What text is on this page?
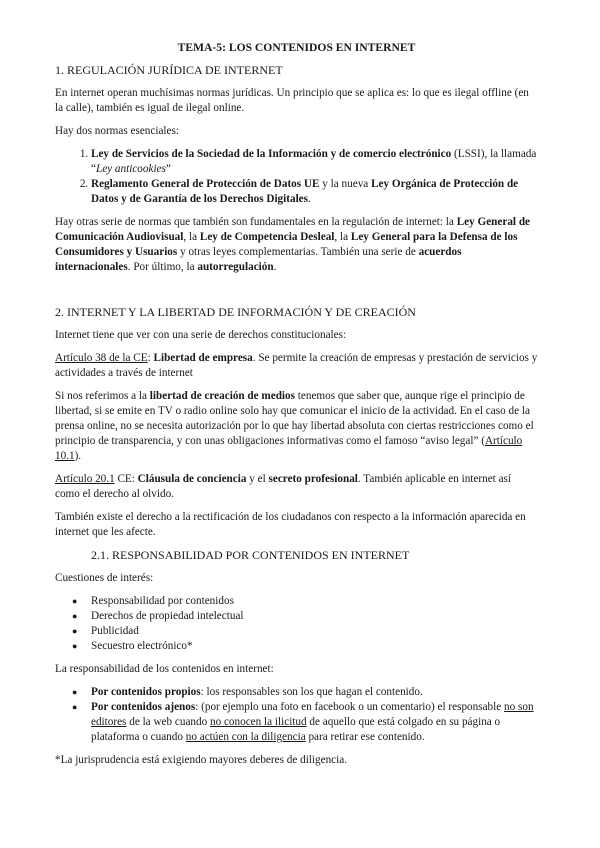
TEMA-5: LOS CONTENIDOS EN INTERNET
1. REGULACIÓN JURÍDICA DE INTERNET

En internet operan muchísimas normas jurídicas. Un principio que se aplica es: lo que es ilegal offline (en la calle), también es igual de ilegal online.

Hay dos normas esenciales:

1. Ley de Servicios de la Sociedad de la Información y de comercio electrónico (LSSI), la llamada “Ley anticookies”
2. Reglamento General de Protección de Datos UE y la nueva Ley Orgánica de Protección de Datos y de Garantía de los Derechos Digitales.

Hay otras serie de normas que también son fundamentales en la regulación de internet: la Ley General de Comunicación Audiovisual, la Ley de Competencia Desleal, la Ley General para la Defensa de los Consumidores y Usuarios y otras leyes complementarias. También una serie de acuerdos internacionales. Por último, la autorregulación.

2. INTERNET Y LA LIBERTAD DE INFORMACIÓN Y DE CREACIÓN

Internet tiene que ver con una serie de derechos constitucionales:

Artículo 38 de la CE: Libertad de empresa. Se permite la creación de empresas y prestación de servicios y actividades a través de internet

Si nos referimos a la libertad de creación de medios tenemos que saber que, aunque rige el principio de libertad, si se emite en TV o radio online solo hay que comunicar el inicio de la actividad. En el caso de la prensa online, no se necesita autorización por lo que hay libertad absoluta con ciertas restricciones como el principio de transparencia, y con unas obligaciones informativas como el famoso “aviso legal” (Artículo 10.1).

Artículo 20.1 CE: Cláusula de conciencia y el secreto profesional. También aplicable en internet así como el derecho al olvido.

También existe el derecho a la rectificación de los ciudadanos con respecto a la información aparecida en internet que les afecte.

2.1. RESPONSABILIDAD POR CONTENIDOS EN INTERNET

Cuestiones de interés:

● Responsabilidad por contenidos
● Derechos de propiedad intelectual
● Publicidad
● Secuestro electrónico*

La responsabilidad de los contenidos en internet:

● Por contenidos propios: los responsables son los que hagan el contenido.
● Por contenidos ajenos: (por ejemplo una foto en facebook o un comentario) el responsable no son editores de la web cuando no conocen la ilicitud de aquello que está colgado en su página o plataforma o cuando no actúen con la diligencia para retirar ese contenido.

*La jurisprudencia está exigiendo mayores deberes de diligencia.
